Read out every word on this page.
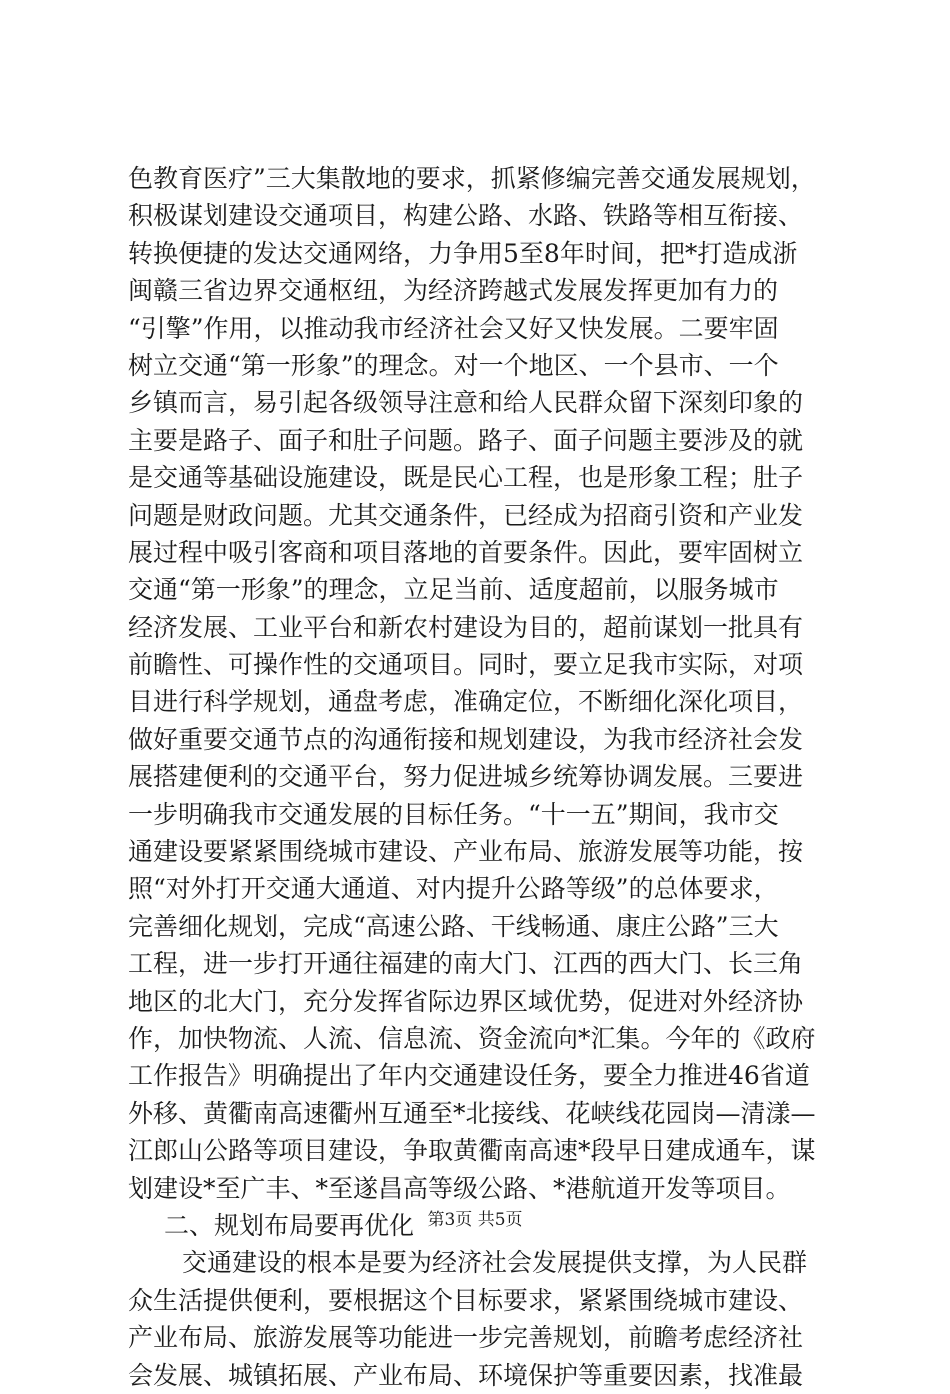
色教育医疗”三大集散地的要求，抓紧修编完善交通发展规划，
积极谋划建设交通项目，构建公路、水路、铁路等相互衔接、
转换便捷的发达交通网络，力争用5至8年时间，把*打造成浙
闽赣三省边界交通枢纽，为经济跨越式发展发挥更加有力的
“引擎”作用，以推动我市经济社会又好又快发展。二要牢固
树立交通“第一形象”的理念。对一个地区、一个县市、一个
乡镇而言，易引起各级领导注意和给人民群众留下深刻印象的
主要是路子、面子和肚子问题。路子、面子问题主要涉及的就
是交通等基础设施建设，既是民心工程，也是形象工程；肚子
问题是财政问题。尤其交通条件，已经成为招商引资和产业发
展过程中吸引客商和项目落地的首要条件。因此，要牢固树立
交通“第一形象”的理念，立足当前、适度超前，以服务城市
经济发展、工业平台和新农村建设为目的，超前谋划一批具有
前瞻性、可操作性的交通项目。同时，要立足我市实际，对项
目进行科学规划，通盘考虑，准确定位，不断细化深化项目，
做好重要交通节点的沟通衔接和规划建设，为我市经济社会发
展搭建便利的交通平台，努力促进城乡统筹协调发展。三要进
一步明确我市交通发展的目标任务。“十一五”期间，我市交
通建设要紧紧围绕城市建设、产业布局、旅游发展等功能，按
照“对外打开交通大通道、对内提升公路等级”的总体要求，
完善细化规划，完成“高速公路、干线畅通、康庄公路”三大
工程，进一步打开通往福建的南大门、江西的西大门、长三角
地区的北大门，充分发挥省际边界区域优势，促进对外经济协
作，加快物流、人流、信息流、资金流向*汇集。今年的《政府
工作报告》明确提出了年内交通建设任务，要全力推进46省道
外移、黄衢南高速衢州互通至*北接线、花峡线花园岗—清漾—
江郎山公路等项目建设，争取黄衢南高速*段早日建成通车，谋
划建设*至广丰、*至遂昌高等级公路、*港航道开发等项目。
二、规划布局要再优化
交通建设的根本是要为经济社会发展提供支撑，为人民群
众生活提供便利，要根据这个目标要求，紧紧围绕城市建设、
产业布局、旅游发展等功能进一步完善规划，前瞻考虑经济社
会发展、城镇拓展、产业布局、环境保护等重要因素，找准最
第3页 共5页
